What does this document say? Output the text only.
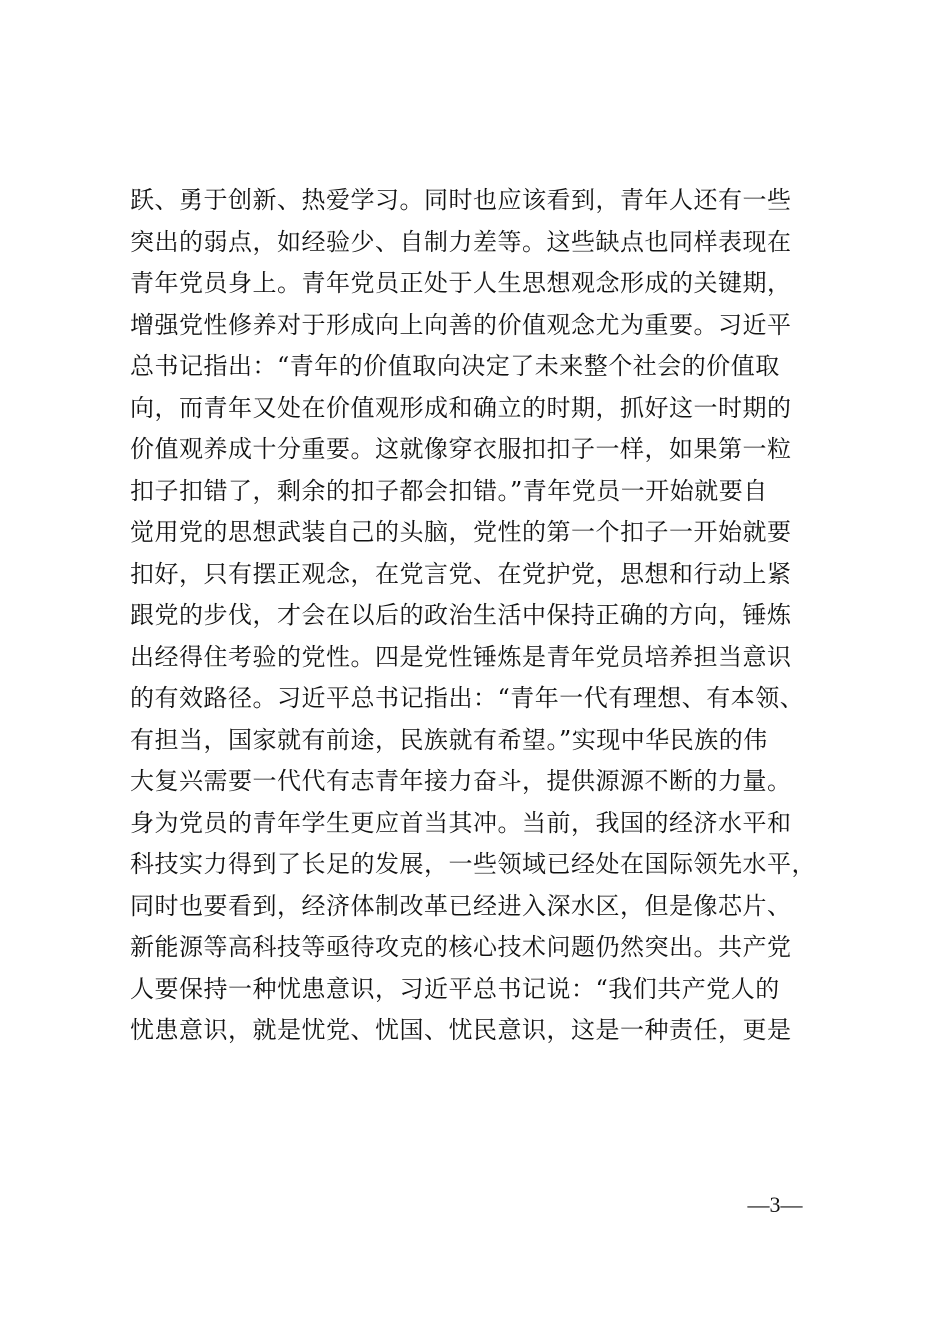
跃、勇于创新、热爱学习。同时也应该看到，青年人还有一些
突出的弱点，如经验少、自制力差等。这些缺点也同样表现在
青年党员身上。青年党员正处于人生思想观念形成的关键期，
增强党性修养对于形成向上向善的价值观念尤为重要。习近平
总书记指出：“青年的价值取向决定了未来整个社会的价值取
向，而青年又处在价值观形成和确立的时期，抓好这一时期的
价值观养成十分重要。这就像穿衣服扣扣子一样，如果第一粒
扣子扣错了，剩余的扣子都会扣错。”青年党员一开始就要自
觉用党的思想武装自己的头脑，党性的第一个扣子一开始就要
扣好，只有摆正观念，在党言党、在党护党，思想和行动上紧
跟党的步伐，才会在以后的政治生活中保持正确的方向，锤炼
出经得住考验的党性。四是党性锤炼是青年党员培养担当意识
的有效路径。习近平总书记指出：“青年一代有理想、有本领、
有担当，国家就有前途，民族就有希望。”实现中华民族的伟
大复兴需要一代代有志青年接力奋斗，提供源源不断的力量。
身为党员的青年学生更应首当其冲。当前，我国的经济水平和
科技实力得到了长足的发展，一些领域已经处在国际领先水平，
同时也要看到，经济体制改革已经进入深水区，但是像芯片、
新能源等高科技等亟待攻克的核心技术问题仍然突出。共产党
人要保持一种忧患意识，习近平总书记说：“我们共产党人的
忧患意识，就是忧党、忧国、忧民意识，这是一种责任，更是
—3—
